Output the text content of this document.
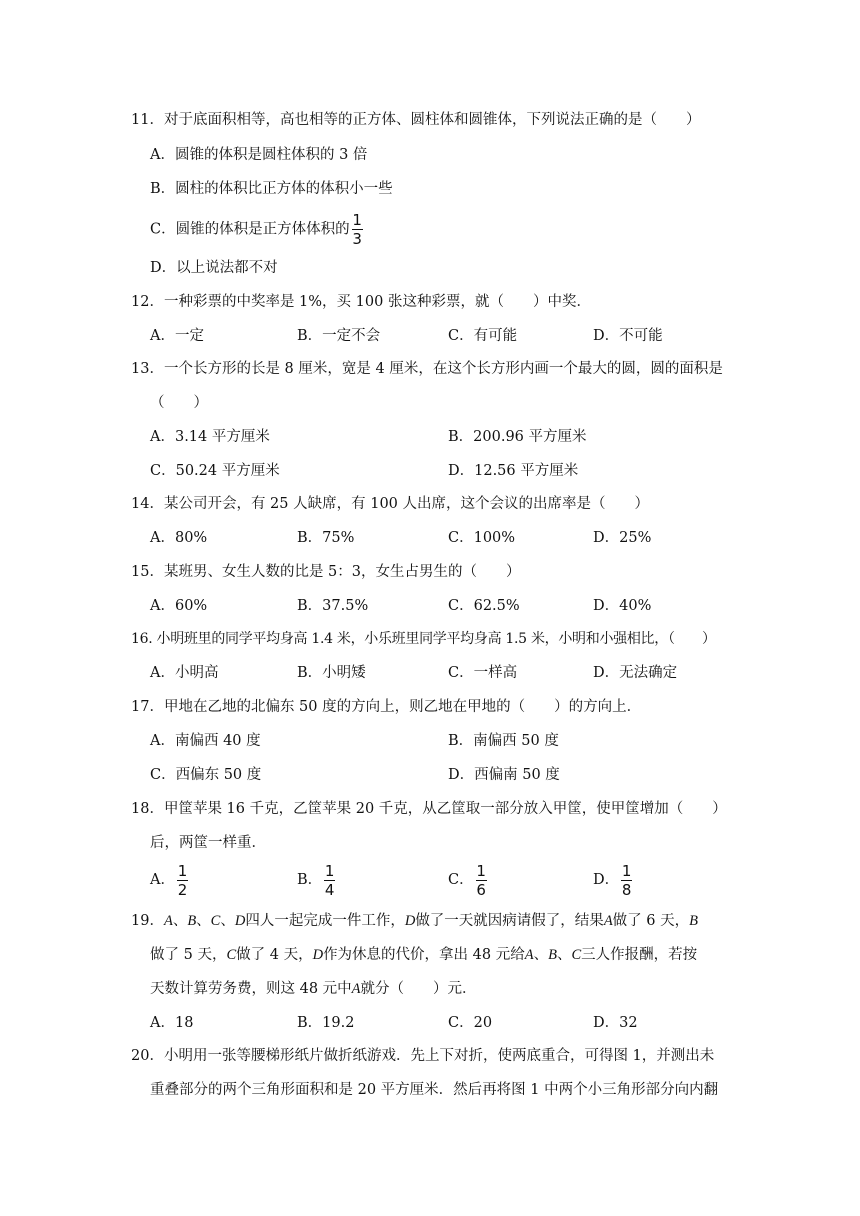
11．对于底面积相等，高也相等的正方体、圆柱体和圆锥体，下列说法正确的是（　　）
A．圆锥的体积是圆柱体积的 3 倍
B．圆柱的体积比正方体的体积小一些
C．圆锥的体积是正方体体积的 $\frac{1}{3}$
D．以上说法都不对
12．一种彩票的中奖率是 1%，买 100 张这种彩票，就（　　）中奖．
A．一定	B．一定不会	C．有可能	D．不可能
13．一个长方形的长是 8 厘米，宽是 4 厘米，在这个长方形内画一个最大的圆，圆的面积是
（　　）
A．3.14 平方厘米	B．200.96 平方厘米
C．50.24 平方厘米	D．12.56 平方厘米
14．某公司开会，有 25 人缺席，有 100 人出席，这个会议的出席率是（　　）
A．80%	B．75%	C．100%	D．25%
15．某班男、女生人数的比是 5：3，女生占男生的（　　）
A．60%	B．37.5%	C．62.5%	D．40%
16. 小明班里的同学平均身高 1.4 米，小乐班里同学平均身高 1.5 米，小明和小强相比，（　　）
A．小明高	B．小明矮	C．一样高	D．无法确定
17．甲地在乙地的北偏东 50 度的方向上，则乙地在甲地的（　　）的方向上．
A．南偏西 40 度	B．南偏西 50 度
C．西偏东 50 度	D．西偏南 50 度
18．甲筐苹果 16 千克，乙筐苹果 20 千克，从乙筐取一部分放入甲筐，使甲筐增加（　　）
后，两筐一样重．
A． $\frac{1}{2}$	B． $\frac{1}{4}$	C． $\frac{1}{6}$	D． $\frac{1}{8}$
19．A、B、C、D四人一起完成一件工作，D做了一天就因病请假了，结果A做了 6 天，B
做了 5 天，C做了 4 天，D作为休息的代价，拿出 48 元给A、B、C三人作报酬，若按
天数计算劳务费，则这 48 元中A就分（　　）元．
A．18	B．19.2	C．20	D．32
20．小明用一张等腰梯形纸片做折纸游戏．先上下对折，使两底重合，可得图 1，并测出未
重叠部分的两个三角形面积和是 20 平方厘米．然后再将图 1 中两个小三角形部分向内翻
